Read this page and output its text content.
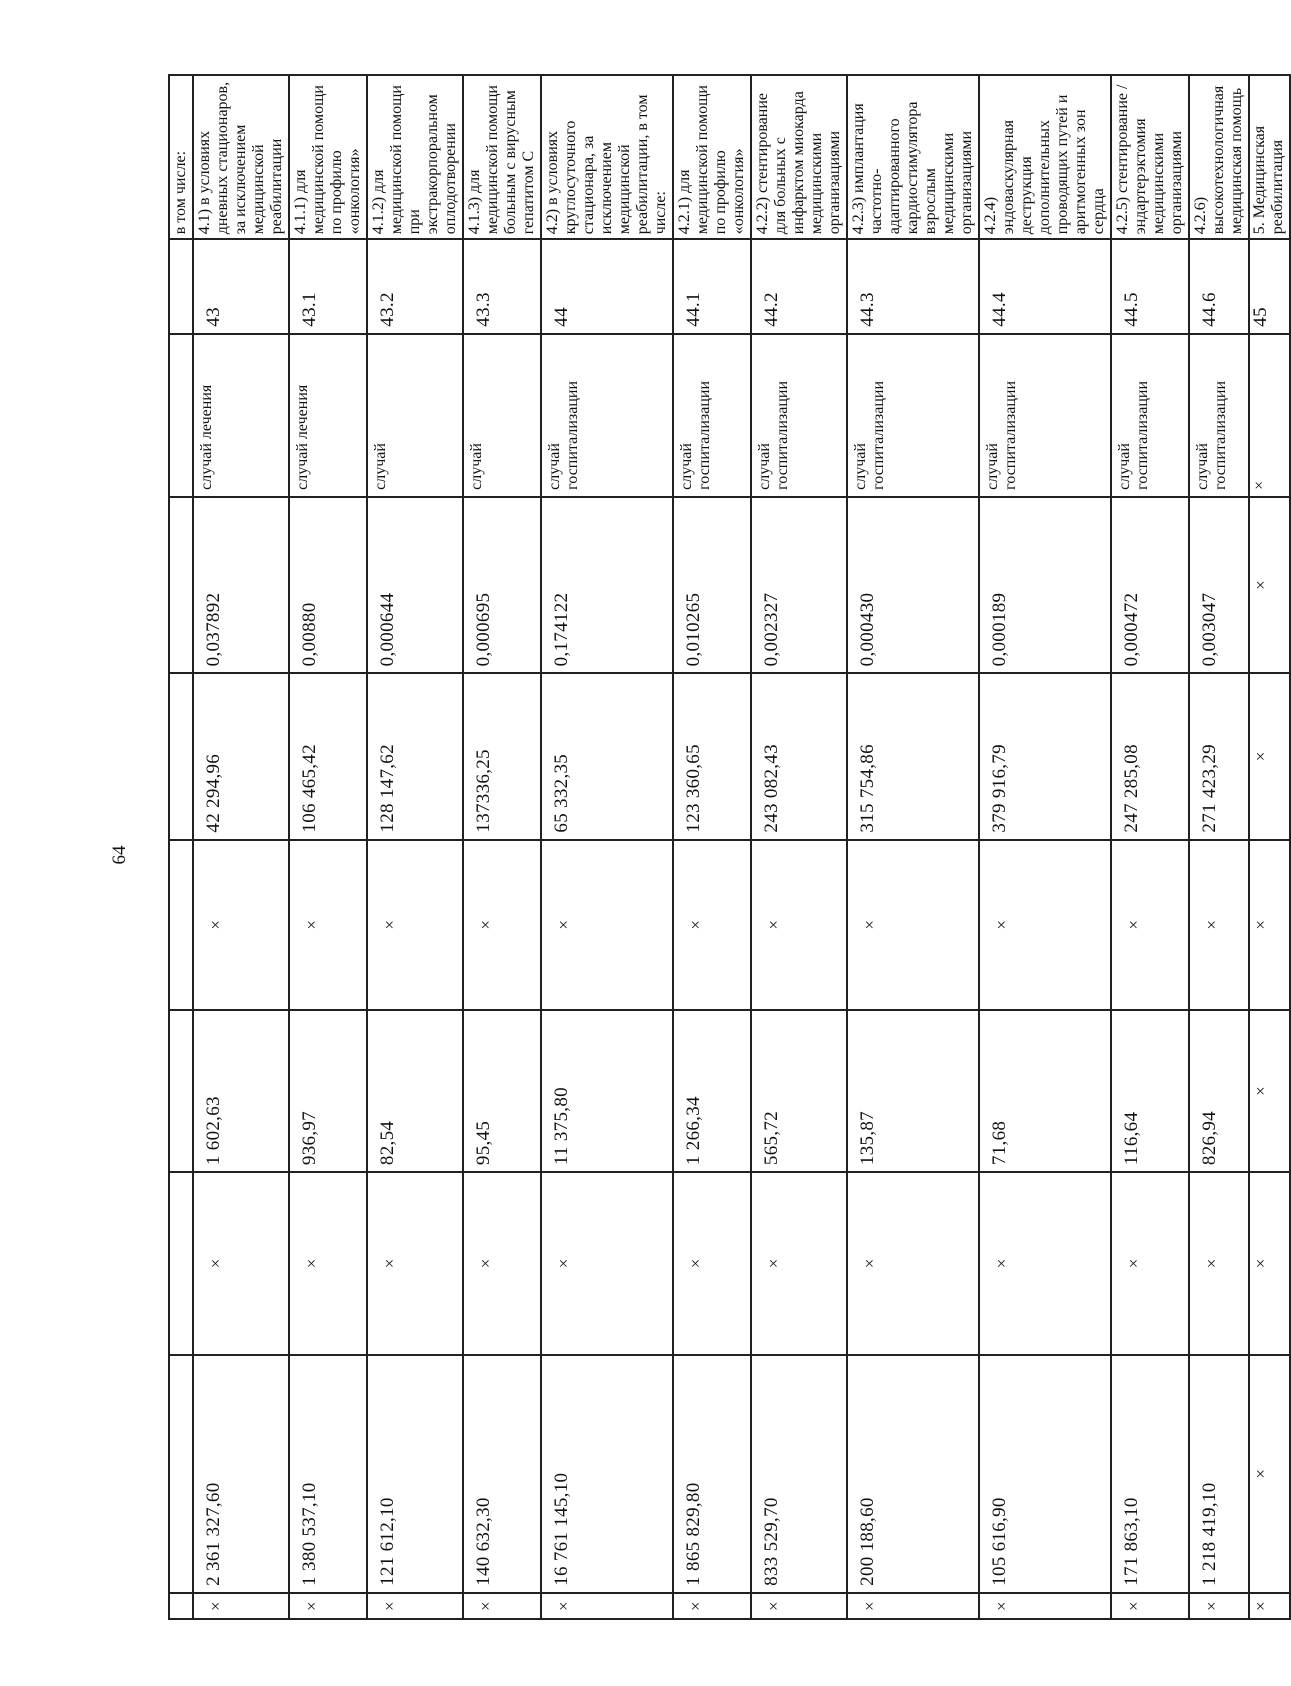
64
										в том числе:
	×	2 361 327,60	×	1 602,63	×	42 294,96	0,037892	случай лечения	43	4.1) в условиях дневных стационаров, за исключением медицинской реабилитации
	×	1 380 537,10	×	936,97	×	106 465,42	0,00880	случай лечения	43.1	4.1.1) для медицинской помощи по профилю «онкология»
	×	121 612,10	×	82,54	×	128 147,62	0,000644	случай	43.2	4.1.2) для медицинской помощи при экстракорпоральном оплодотворении
	×	140 632,30	×	95,45	×	137336,25	0,000695	случай	43.3	4.1.3) для медицинской помощи больным с вирусным гепатитом С
	×	16 761 145,10	×	11 375,80	×	65 332,35	0,174122	случай госпитализации	44	4.2) в условиях круглосуточного стационара, за исключением медицинской реабилитации, в том числе:
	×	1 865 829,80	×	1 266,34	×	123 360,65	0,010265	случай госпитализации	44.1	4.2.1) для медицинской помощи по профилю «онкология»
	×	833 529,70	×	565,72	×	243 082,43	0,002327	случай госпитализации	44.2	4.2.2) стентирование для больных с инфарктом миокарда медицинскими организациями
	×	200 188,60	×	135,87	×	315 754,86	0,000430	случай госпитализации	44.3	4.2.3) имплантация частотно-адаптированного кардиостимулятора взрослым медицинскими организациями
	×	105 616,90	×	71,68	×	379 916,79	0,000189	случай госпитализации	44.4	4.2.4) эндоваскулярная деструкция дополнительных проводящих путей и аритмогенных зон сердца
	×	171 863,10	×	116,64	×	247 285,08	0,000472	случай госпитализации	44.5	4.2.5) стентирование / эндартерэктомия медицинскими организациями
	×	1 218 419,10	×	826,94	×	271 423,29	0,003047	случай госпитализации	44.6	4.2.6) высокотехнологичная медицинская помощь
	×	×	×	×	×	×	×	×	45	5. Медицинская реабилитация
